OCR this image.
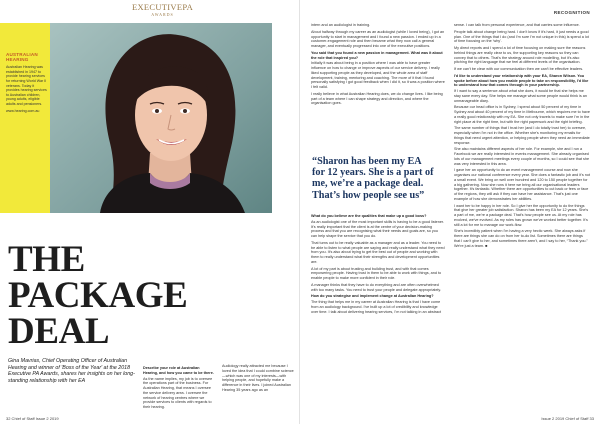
EXECUTIVEPA
AWARDS
AUSTRALIAN
HEARING

Australian Hearing was established in 1947 to provide hearing services for returning World War II veterans. Today it provides hearing services to Australian children, young adults, eligible adults and pensioners.

www.hearing.com.au

THE
PACKAGE
DEAL
Gina Mavrias, Chief Operating Officer of Australian Hearing and winner of 'Boss of the Year' at the 2018 Executive PA Awards, shares her insights on her long-standing relationship with her EA

Describe your role at Australian Hearing, and how you came to be there.

As the name implies, my job is to oversee the operations part of the business. For Australian Hearing, that means I oversee the service delivery area. I oversee the network of hearing centres where we provide services to clients with regards to their hearing.

Audiology really attracted me because I loved the idea that I could combine science—which was one of my interests—with helping people, and hopefully make a difference in their lives. I joined Australian Hearing 35 years ago as an

32 Chief of Staff Issue 2 2019
RECOGNITION

intern and an audiologist in training.

About halfway through my career as an audiologist (while I loved being), I got an opportunity to start in management and I found a new passion. I ended up in a customer-engagement role and then became what they now call a general manager, and eventually progressed into one of the executive positions.

You said that you found a new passion in management. What was it about the role that inspired you?

Initially it was about being in a position where I was able to have greater influence on how to change or improve aspects of our service delivery. I really liked supporting people as they developed, and the whole area of staff development, training, mentoring and coaching. The more of it that I found personally satisfying I got good feedback when I did it, so it was a position where I felt valid.

I really believe in what Australian Hearing does, we do change lives. I like being part of a team where I can shape strategy and direction, and where the organisation goes.

“Sharon has been my EA
for 12 years. She is a part of
me, we’re a package deal.
That’s how people see us”

What do you believe are the qualities that make up a good boss?

As an audiologist one of the most important skills is having to be a good listener. It's really important that the client is at the centre of your decision-making process and that you are recognising what their needs and goals are, so you can help shape the service that you do.

That turns out to be really valuable as a manager and as a leader. You need to be able to listen to what people are saying and really understand what they need from you. It's also about trying to get the best out of people and working with them to really understand what their strengths and development opportunities are.

A lot of my part is about trusting and building trust, and with that comes empowering people. Having trust in them to be able to work with things, and to enable people to make more confident in their role.

A manager thinks that they have to do everything and are often overwhelmed with too many tasks. You need to trust your people and delegate appropriately.

How do you strategise and implement change at Australian Hearing?

The thing that helps me in my career at Australian Hearing is that I have come from an audiology background. I've built up a lot of credibility and knowledge over time. I talk about delivering hearing services, I’m not talking in an abstract

sense. I can talk from personal experience, and that carries some influence.

People talk about change being hard. I don't know if it's hard, it just needs a good plan. One of the things that I do (and I'm sure I'm not unique in this) is spend a lot of time focusing on the 'why'.

My direct reports and I spend a lot of time focusing on making sure the reasons behind things are really clear to us, the supporting key reasons so they can convey that to others. That's the strategy around role modelling, but it's also pitching the right language that we feel at different levels of the organisation.

If we can't be clear with our communication then we can't be effective leaders.

I'd like to understand your relationship with your EA, Sharon Wilson. You spoke before about how you enable people to take on responsibility, I'd like to understand how that comes through in your partnership.

If I want to say a sentence about what she does, it would be that she helps me stay sane every day. She helps me manage what some people would think is an unmanageable diary.

Because our head office is in Sydney, I spend about 50 percent of my time in Sydney and about 40 percent of my time in Melbourne, which requires me to have a really good relationship with my EA. She not only travels to make sure I'm in the right place at the right time, but with the right paperwork and the right briefing.

The same number of things that I trust her (and I do totally trust her) to oversee, especially when I'm not in the office. Whether she's monitoring my emails for things that need urgent attention, or helping people when they need an immediate response.

She also maintains different aspects of her role. For example, she and I run a Facebook we are really interested in events management. She already organised lots of our management meetings every couple of months, so I could see that she was very interested in this area.

I gave her an opportunity to do an event management course and now she organises our national conference every year. She does a fantastic job and it's not a small event. We bring on well over hundred and 120 to 150 people together for a big gathering. Now she runs it here we bring all our organisational leaders together. It's fantastic. Whether there are opportunities to cut back or fees or face of the regions, they will ask if they can have her assistance. That's just one example of how she demonstrates her abilities.

I want her to be happy in her role. So I give her the opportunity to do the things that give her greater job satisfaction. Sharon has been my EA for 12 years. She's a part of me, we're a package deal. That's how people see us. At my role has evolved, we've evolved. As my roles has grown we've worked better together. It's still a lot for me to manage our work-flow.

She's incredibly patient when I'm having a very hectic week. She always asks if there are things she can do on from her to-do list. Sometimes there are things that I can't give to her, and sometimes there aren't, and I say to her, “Thank you.” We're just a team. ■

Issue 2 2019 Chief of Staff 33
